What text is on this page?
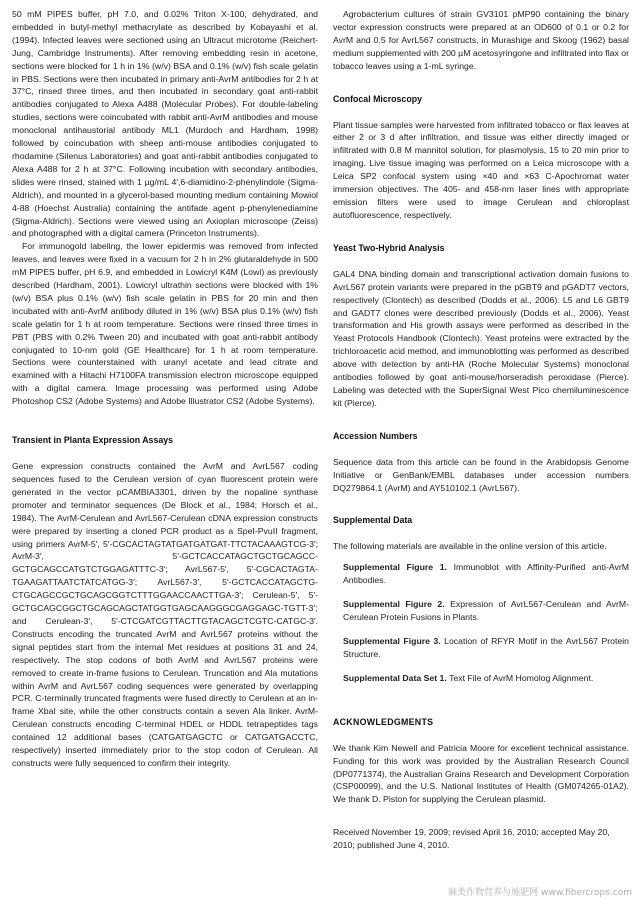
50 mM PIPES buffer, pH 7.0, and 0.02% Triton X-100, dehydrated, and embedded in butyl-methyl methacrylate as described by Kobayashi et al. (1994). Infected leaves were sectioned using an Ultracut microtome (Reichert-Jung, Cambridge Instruments). After removing embedding resin in acetone, sections were blocked for 1 h in 1% (w/v) BSA and 0.1% (w/v) fish scale gelatin in PBS. Sections were then incubated in primary anti-AvrM antibodies for 2 h at 37°C, rinsed three times, and then incubated in secondary goat anti-rabbit antibodies conjugated to Alexa A488 (Molecular Probes). For double-labeling studies, sections were coincubated with rabbit anti-AvrM antibodies and mouse monoclonal antihaustorial antibody ML1 (Murdoch and Hardham, 1998) followed by coincubation with sheep anti-mouse antibodies conjugated to rhodamine (Silenus Laboratories) and goat anti-rabbit antibodies conjugated to Alexa A488 for 2 h at 37°C. Following incubation with secondary antibodies, slides were rinsed, stained with 1 µg/mL 4′,6-diamidino-2-phenylindole (Sigma-Aldrich), and mounted in a glycerol-based mounting medium containing Mowiol 4-88 (Hoechst Australia) containing the antifade agent p-phenylenediamine (Sigma-Aldrich). Sections were viewed using an Axioplan microscope (Zeiss) and photographed with a digital camera (Princeton Instruments).

For immunogold labeling, the lower epidermis was removed from infected leaves, and leaves were fixed in a vacuum for 2 h in 2% glutaraldehyde in 500 mM PIPES buffer, pH 6.9, and embedded in Lowicryl K4M (Lowi) as previously described (Hardham, 2001). Lowicryl ultrathin sections were blocked with 1% (w/v) BSA plus 0.1% (w/v) fish scale gelatin in PBS for 20 min and then incubated with anti-AvrM antibody diluted in 1% (w/v) BSA plus 0.1% (w/v) fish scale gelatin for 1 h at room temperature. Sections were rinsed three times in PBT (PBS with 0.2% Tween 20) and incubated with goat anti-rabbit antibody conjugated to 10-nm gold (GE Healthcare) for 1 h at room temperature. Sections were counterstained with uranyl acetate and lead citrate and examined with a Hitachi H7100FA transmission electron microscope equipped with a digital camera. Image processing was performed using Adobe Photoshop CS2 (Adobe Systems) and Adobe Illustrator CS2 (Adobe Systems).

Transient in Planta Expression Assays

Gene expression constructs contained the AvrM and AvrL567 coding sequences fused to the Cerulean version of cyan fluorescent protein were generated in the vector pCAMBIA3301, driven by the nopaline synthase promoter and terminator sequences (De Block et al., 1984; Horsch et al., 1984). The AvrM-Cerulean and AvrL567-Cerulean cDNA expression constructs were prepared by inserting a cloned PCR product as a SpeI-PvuII fragment, using primers AvrM-5′, 5′-CGCACTAGTATGATGATGAT-TTCTACAAAGTCG-3′; AvrM-3′, 5′-GCTCACCATAGCTGCTGCAGCC-GCTGCAGCCATGTCTGGAGATTTC-3′; AvrL567-5′, 5′-CGCACTAGTA-TGAAGATTAATCTATCATGG-3′; AvrL567-3′, 5′-GCTCACCATAGCTG-CTGCAGCCGCTGCAGCGGTCTTTGGAACCAACTTGA-3′; Cerulean-5′, 5′-GCTGCAGCGGCTGCAGCAGCTATGGTGAGCAAGGGCGAGGAGC-TGTT-3′; and Cerulean-3′, 5′-CTCGATCGTTACTTGTACAGCTCGTC-CATGC-3′. Constructs encoding the truncated AvrM and AvrL567 proteins without the signal peptides start from the internal Met residues at positions 31 and 24, respectively. The stop codons of both AvrM and AvrL567 proteins were removed to create in-frame fusions to Cerulean. Truncation and Ala mutations within AvrM and AvrL567 coding sequences were generated by overlapping PCR. C-terminally truncated fragments were fused directly to Cerulean at an in-frame XbaI site, while the other constructs contain a seven Ala linker. AvrM-Cerulean constructs encoding C-terminal HDEL or HDDL tetrapeptides tags contained 12 additional bases (CATGATGAGCTC or CATGATGACCTC, respectively) inserted immediately prior to the stop codon of Cerulean. All constructs were fully sequenced to confirm their integrity.

Agrobacterium cultures of strain GV3101 pMP90 containing the binary vector expression constructs were prepared at an OD600 of 0.1 or 0.2 for AvrM and 0.5 for AvrL567 constructs, in Murashige and Skoog (1962) basal medium supplemented with 200 µM acetosyringone and infiltrated into flax or tobacco leaves using a 1-mL syringe.

Confocal Microscopy

Plant tissue samples were harvested from infiltrated tobacco or flax leaves at either 2 or 3 d after infiltration, and tissue was either directly imaged or infiltrated with 0.8 M mannitol solution, for plasmolysis, 15 to 20 min prior to imaging. Live tissue imaging was performed on a Leica microscope with a Leica SP2 confocal system using ×40 and ×63 C-Apochromat water immersion objectives. The 405- and 458-nm laser lines with appropriate emission filters were used to image Cerulean and chloroplast autofluorescence, respectively.

Yeast Two-Hybrid Analysis

GAL4 DNA binding domain and transcriptional activation domain fusions to AvrL567 protein variants were prepared in the pGBT9 and pGADT7 vectors, respectively (Clontech) as described (Dodds et al., 2006). L5 and L6 GBT9 and GADT7 clones were described previously (Dodds et al., 2006). Yeast transformation and His growth assays were performed as described in the Yeast Protocols Handbook (Clontech). Yeast proteins were extracted by the trichloroacetic acid method, and immunoblotting was performed as described above with detection by anti-HA (Roche Molecular Systems) monoclonal antibodies followed by goat anti-mouse/horseradish peroxidase (Pierce). Labeling was detected with the SuperSignal West Pico chemiluminescence kit (Pierce).

Accession Numbers

Sequence data from this article can be found in the Arabidopsis Genome Initiative or GenBank/EMBL databases under accession numbers DQ279864.1 (AvrM) and AY510102.1 (AvrL567).

Supplemental Data

The following materials are available in the online version of this article.

Supplemental Figure 1. Immunoblot with Affinity-Purified anti-AvrM Antibodies.

Supplemental Figure 2. Expression of AvrL567-Cerulean and AvrM-Cerulean Protein Fusions in Plants.

Supplemental Figure 3. Location of RFYR Motif in the AvrL567 Protein Structure.

Supplemental Data Set 1. Text File of AvrM Homolog Alignment.

ACKNOWLEDGMENTS

We thank Kim Newell and Patricia Moore for excellent technical assistance. Funding for this work was provided by the Australian Research Council (DP0771374), the Australian Grains Research and Development Corporation (CSP00099), and the U.S. National Institutes of Health (GM074265-01A2). We thank D. Piston for supplying the Cerulean plasmid.

Received November 19, 2009; revised April 16, 2010; accepted May 20, 2010; published June 4, 2010.

麻类作物营养与施肥网 www.fibercrops.com
